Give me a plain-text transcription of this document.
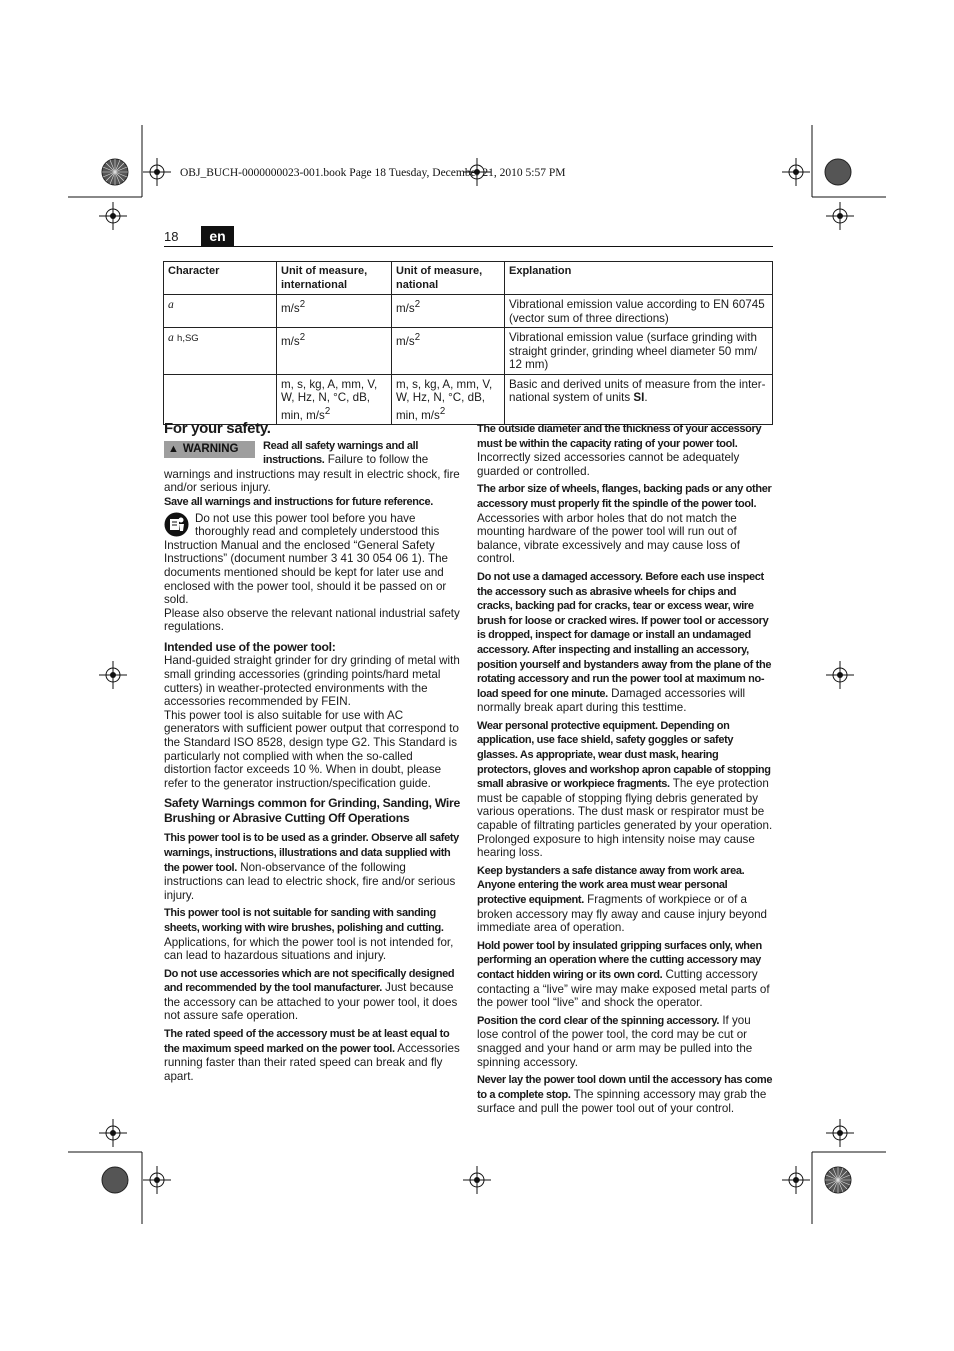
OBJ_BUCH-0000000023-001.book Page 18 Tuesday, December 21, 2010 5:57 PM
18	en
Character	Unit of measure, international	Unit of measure, national	Explanation
a	$m/s^2$	$m/s^2$	Vibrational emission value according to EN 60745 (vector sum of three directions)
a h,SG	$m/s^2$	$m/s^2$	Vibrational emission value (surface grinding with straight grinder, grinding wheel diameter 50 mm/ 12 mm)
	m, s, kg, A, mm, V, W, Hz, N, °C, dB, min, $m/s^2$	m, s, kg, A, mm, V, W, Hz, N, °C, dB, min, $m/s^2$	Basic and derived units of measure from the inter-national system of units SI.
For your safety.

▲ WARNING	Read all safety warnings and all instructions. Failure to follow the warnings and instructions may result in electric shock, fire and/or serious injury.

Save all warnings and instructions for future reference.

Do not use this power tool before you have thoroughly read and completely understood this Instruction Manual and the enclosed “General Safety Instructions” (document number 3 41 30 054 06 1). The documents mentioned should be kept for later use and enclosed with the power tool, should it be passed on or sold.

Please also observe the relevant national industrial safety regulations.

Intended use of the power tool:

Hand-guided straight grinder for dry grinding of metal with small grinding accessories (grinding points/hard metal cutters) in weather-protected environments with the accessories recommended by FEIN.

This power tool is also suitable for use with AC generators with sufficient power output that correspond to the Standard ISO 8528, design type G2. This Standard is particularly not complied with when the so-called distortion factor exceeds 10 %. When in doubt, please refer to the generator instruction/specification guide.

Safety Warnings common for Grinding, Sanding, Wire Brushing or Abrasive Cutting Off Operations

This power tool is to be used as a grinder. Observe all safety warnings, instructions, illustrations and data supplied with the power tool. Non-observance of the following instructions can lead to electric shock, fire and/or serious injury.

This power tool is not suitable for sanding with sanding sheets, working with wire brushes, polishing and cutting. Applications, for which the power tool is not intended for, can lead to hazardous situations and injury.

Do not use accessories which are not specifically designed and recommended by the tool manufacturer. Just because the accessory can be attached to your power tool, it does not assure safe operation.

The rated speed of the accessory must be at least equal to the maximum speed marked on the power tool. Accessories running faster than their rated speed can break and fly apart.

The outside diameter and the thickness of your accessory must be within the capacity rating of your power tool. Incorrectly sized accessories cannot be adequately guarded or controlled.

The arbor size of wheels, flanges, backing pads or any other accessory must properly fit the spindle of the power tool. Accessories with arbor holes that do not match the mounting hardware of the power tool will run out of balance, vibrate excessively and may cause loss of control.

Do not use a damaged accessory. Before each use inspect the accessory such as abrasive wheels for chips and cracks, backing pad for cracks, tear or excess wear, wire brush for loose or cracked wires. If power tool or accessory is dropped, inspect for damage or install an undamaged accessory. After inspecting and installing an accessory, position yourself and bystanders away from the plane of the rotating accessory and run the power tool at maximum no-load speed for one minute. Damaged accessories will normally break apart during this testtime.

Wear personal protective equipment. Depending on application, use face shield, safety goggles or safety glasses. As appropriate, wear dust mask, hearing protectors, gloves and workshop apron capable of stopping small abrasive or workpiece fragments. The eye protection must be capable of stopping flying debris generated by various operations. The dust mask or respirator must be capable of filtrating particles generated by your operation. Prolonged exposure to high intensity noise may cause hearing loss.

Keep bystanders a safe distance away from work area. Anyone entering the work area must wear personal protective equipment. Fragments of workpiece or of a broken accessory may fly away and cause injury beyond immediate area of operation.

Hold power tool by insulated gripping surfaces only, when performing an operation where the cutting accessory may contact hidden wiring or its own cord. Cutting accessory contacting a “live” wire may make exposed metal parts of the power tool “live” and shock the operator.

Position the cord clear of the spinning accessory. If you lose control of the power tool, the cord may be cut or snagged and your hand or arm may be pulled into the spinning accessory.

Never lay the power tool down until the accessory has come to a complete stop. The spinning accessory may grab the surface and pull the power tool out of your control.
